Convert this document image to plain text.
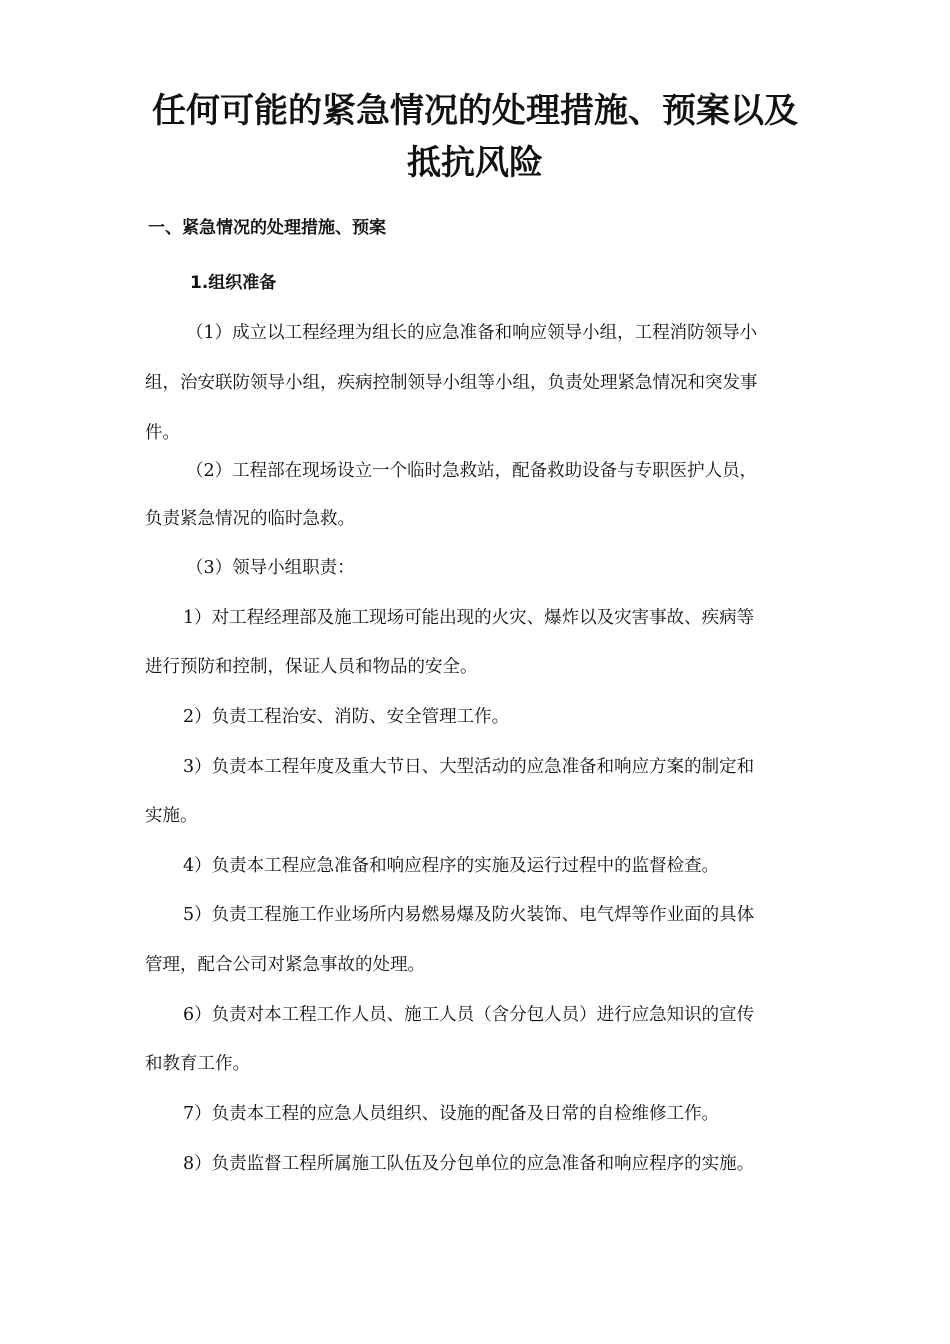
任何可能的紧急情况的处理措施、预案以及
抵抗风险
一、紧急情况的处理措施、预案
1.组织准备
（1）成立以工程经理为组长的应急准备和响应领导小组，工程消防领导小
组，治安联防领导小组，疾病控制领导小组等小组，负责处理紧急情况和突发事
件。
（2）工程部在现场设立一个临时急救站，配备救助设备与专职医护人员，
负责紧急情况的临时急救。
（3）领导小组职责：
1）对工程经理部及施工现场可能出现的火灾、爆炸以及灾害事故、疾病等
进行预防和控制，保证人员和物品的安全。
2）负责工程治安、消防、安全管理工作。
3）负责本工程年度及重大节日、大型活动的应急准备和响应方案的制定和
实施。
4）负责本工程应急准备和响应程序的实施及运行过程中的监督检查。
5）负责工程施工作业场所内易燃易爆及防火装饰、电气焊等作业面的具体
管理，配合公司对紧急事故的处理。
6）负责对本工程工作人员、施工人员（含分包人员）进行应急知识的宣传
和教育工作。
7）负责本工程的应急人员组织、设施的配备及日常的自检维修工作。
8）负责监督工程所属施工队伍及分包单位的应急准备和响应程序的实施。
